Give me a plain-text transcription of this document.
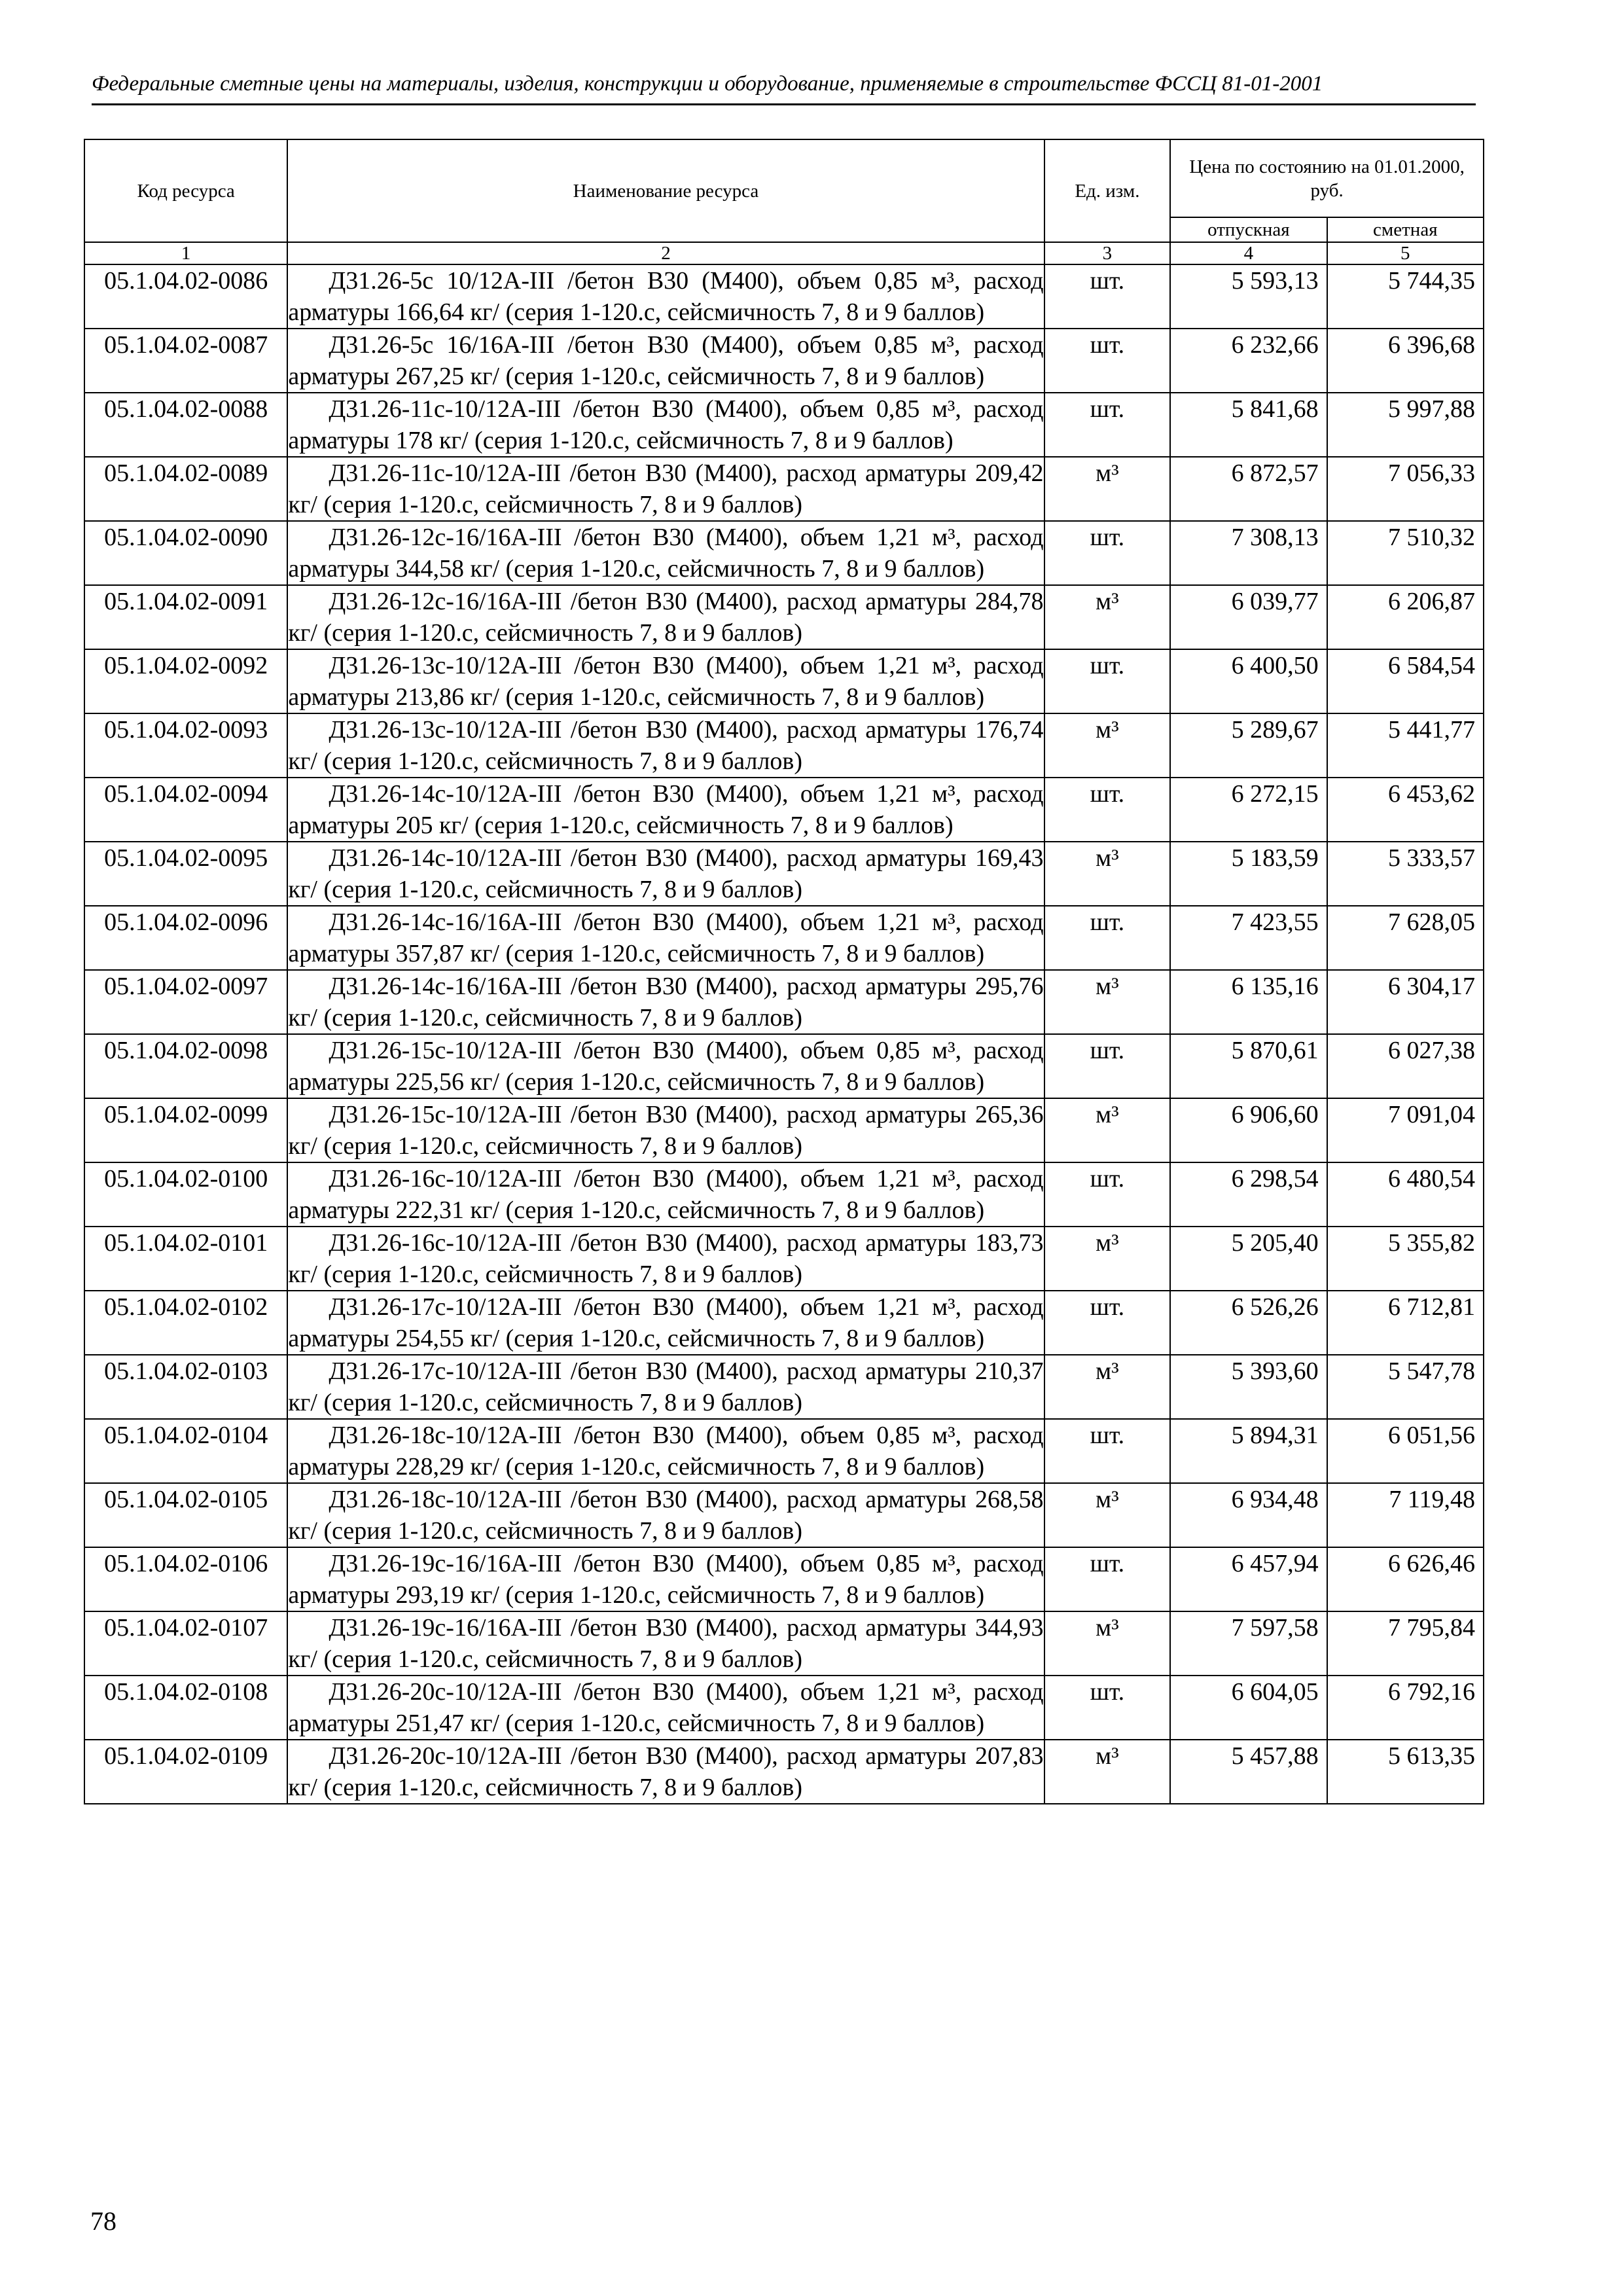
Федеральные сметные цены на материалы, изделия, конструкции и оборудование, применяемые в строительстве ФССЦ 81-01-2001
Код ресурса	Наименование ресурса	Ед. изм.	Цена по состоянию на 01.01.2000, руб.	
			отпускная	сметная
1	2	3	4	5
05.1.04.02-0086	Д31.26-5с 10/12А-III /бетон В30 (М400), объем 0,85 м³, расход арматуры 166,64 кг/ (серия 1-120.с, сейсмичность 7, 8 и 9 баллов)	шт.	5 593,13	5 744,35
05.1.04.02-0087	Д31.26-5с 16/16А-III /бетон В30 (М400), объем 0,85 м³, расход арматуры 267,25 кг/ (серия 1-120.с, сейсмичность 7, 8 и 9 баллов)	шт.	6 232,66	6 396,68
05.1.04.02-0088	Д31.26-11с-10/12А-III /бетон В30 (М400), объем 0,85 м³, расход арматуры 178 кг/ (серия 1-120.с, сейсмичность 7, 8 и 9 баллов)	шт.	5 841,68	5 997,88
05.1.04.02-0089	Д31.26-11с-10/12А-III /бетон В30 (М400), расход арматуры 209,42 кг/ (серия 1-120.с, сейсмичность 7, 8 и 9 баллов)	м³	6 872,57	7 056,33
05.1.04.02-0090	Д31.26-12с-16/16А-III /бетон В30 (М400), объем 1,21 м³, расход арматуры 344,58 кг/ (серия 1-120.с, сейсмичность 7, 8 и 9 баллов)	шт.	7 308,13	7 510,32
05.1.04.02-0091	Д31.26-12с-16/16А-III /бетон В30 (М400), расход арматуры 284,78 кг/ (серия 1-120.с, сейсмичность 7, 8 и 9 баллов)	м³	6 039,77	6 206,87
05.1.04.02-0092	Д31.26-13с-10/12А-III /бетон В30 (М400), объем 1,21 м³, расход арматуры 213,86 кг/ (серия 1-120.с, сейсмичность 7, 8 и 9 баллов)	шт.	6 400,50	6 584,54
05.1.04.02-0093	Д31.26-13с-10/12А-III /бетон В30 (М400), расход арматуры 176,74 кг/ (серия 1-120.с, сейсмичность 7, 8 и 9 баллов)	м³	5 289,67	5 441,77
05.1.04.02-0094	Д31.26-14с-10/12А-III /бетон В30 (М400), объем 1,21 м³, расход арматуры 205 кг/ (серия 1-120.с, сейсмичность 7, 8 и 9 баллов)	шт.	6 272,15	6 453,62
05.1.04.02-0095	Д31.26-14с-10/12А-III /бетон В30 (М400), расход арматуры 169,43 кг/ (серия 1-120.с, сейсмичность 7, 8 и 9 баллов)	м³	5 183,59	5 333,57
05.1.04.02-0096	Д31.26-14с-16/16А-III /бетон В30 (М400), объем 1,21 м³, расход арматуры 357,87 кг/ (серия 1-120.с, сейсмичность 7, 8 и 9 баллов)	шт.	7 423,55	7 628,05
05.1.04.02-0097	Д31.26-14с-16/16А-III /бетон В30 (М400), расход арматуры 295,76 кг/ (серия 1-120.с, сейсмичность 7, 8 и 9 баллов)	м³	6 135,16	6 304,17
05.1.04.02-0098	Д31.26-15с-10/12А-III /бетон В30 (М400), объем 0,85 м³, расход арматуры 225,56 кг/ (серия 1-120.с, сейсмичность 7, 8 и 9 баллов)	шт.	5 870,61	6 027,38
05.1.04.02-0099	Д31.26-15с-10/12А-III /бетон В30 (М400), расход арматуры 265,36 кг/ (серия 1-120.с, сейсмичность 7, 8 и 9 баллов)	м³	6 906,60	7 091,04
05.1.04.02-0100	Д31.26-16с-10/12А-III /бетон В30 (М400), объем 1,21 м³, расход арматуры 222,31 кг/ (серия 1-120.с, сейсмичность 7, 8 и 9 баллов)	шт.	6 298,54	6 480,54
05.1.04.02-0101	Д31.26-16с-10/12А-III /бетон В30 (М400), расход арматуры 183,73 кг/ (серия 1-120.с, сейсмичность 7, 8 и 9 баллов)	м³	5 205,40	5 355,82
05.1.04.02-0102	Д31.26-17с-10/12А-III /бетон В30 (М400), объем 1,21 м³, расход арматуры 254,55 кг/ (серия 1-120.с, сейсмичность 7, 8 и 9 баллов)	шт.	6 526,26	6 712,81
05.1.04.02-0103	Д31.26-17с-10/12А-III /бетон В30 (М400), расход арматуры 210,37 кг/ (серия 1-120.с, сейсмичность 7, 8 и 9 баллов)	м³	5 393,60	5 547,78
05.1.04.02-0104	Д31.26-18с-10/12А-III /бетон В30 (М400), объем 0,85 м³, расход арматуры 228,29 кг/ (серия 1-120.с, сейсмичность 7, 8 и 9 баллов)	шт.	5 894,31	6 051,56
05.1.04.02-0105	Д31.26-18с-10/12А-III /бетон В30 (М400), расход арматуры 268,58 кг/ (серия 1-120.с, сейсмичность 7, 8 и 9 баллов)	м³	6 934,48	7 119,48
05.1.04.02-0106	Д31.26-19с-16/16А-III /бетон В30 (М400), объем 0,85 м³, расход арматуры 293,19 кг/ (серия 1-120.с, сейсмичность 7, 8 и 9 баллов)	шт.	6 457,94	6 626,46
05.1.04.02-0107	Д31.26-19с-16/16А-III /бетон В30 (М400), расход арматуры 344,93 кг/ (серия 1-120.с, сейсмичность 7, 8 и 9 баллов)	м³	7 597,58	7 795,84
05.1.04.02-0108	Д31.26-20с-10/12А-III /бетон В30 (М400), объем 1,21 м³, расход арматуры 251,47 кг/ (серия 1-120.с, сейсмичность 7, 8 и 9 баллов)	шт.	6 604,05	6 792,16
05.1.04.02-0109	Д31.26-20с-10/12А-III /бетон В30 (М400), расход арматуры 207,83 кг/ (серия 1-120.с, сейсмичность 7, 8 и 9 баллов)	м³	5 457,88	5 613,35
78
